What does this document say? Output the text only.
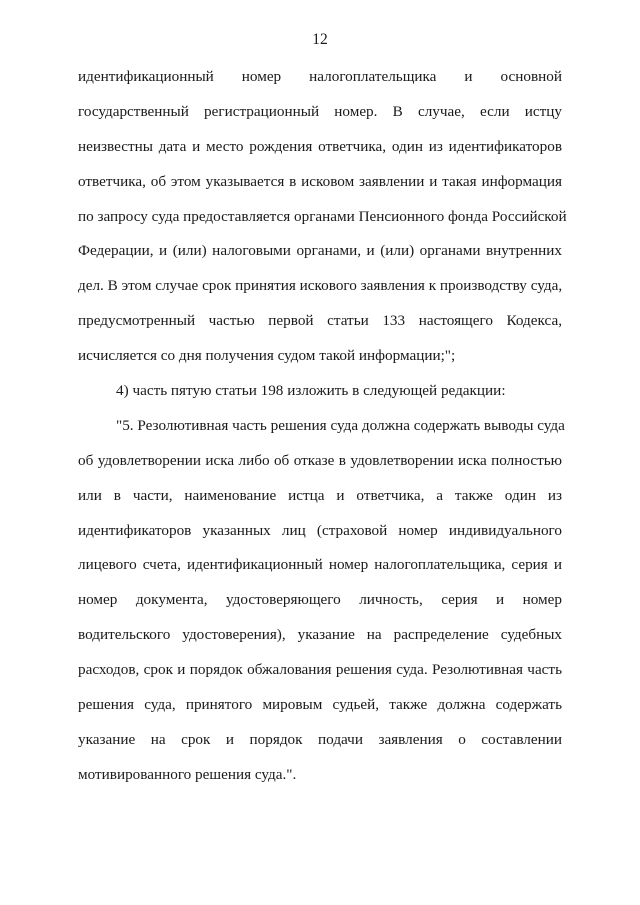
12
идентификационный номер налогоплательщика и основной
государственный регистрационный номер. В случае, если истцу
неизвестны дата и место рождения ответчика, один из идентификаторов
ответчика, об этом указывается в исковом заявлении и такая информация
по запросу суда предоставляется органами Пенсионного фонда Российской
Федерации, и (или) налоговыми органами, и (или) органами внутренних
дел. В этом случае срок принятия искового заявления к производству суда,
предусмотренный частью первой статьи 133 настоящего Кодекса,
исчисляется со дня получения судом такой информации;";
4) часть пятую статьи 198 изложить в следующей редакции:
"5. Резолютивная часть решения суда должна содержать выводы суда
об удовлетворении иска либо об отказе в удовлетворении иска полностью
или в части, наименование истца и ответчика, а также один из
идентификаторов указанных лиц (страховой номер индивидуального
лицевого счета, идентификационный номер налогоплательщика, серия и
номер документа, удостоверяющего личность, серия и номер
водительского удостоверения), указание на распределение судебных
расходов, срок и порядок обжалования решения суда. Резолютивная часть
решения суда, принятого мировым судьей, также должна содержать
указание на срок и порядок подачи заявления о составлении
мотивированного решения суда.".
